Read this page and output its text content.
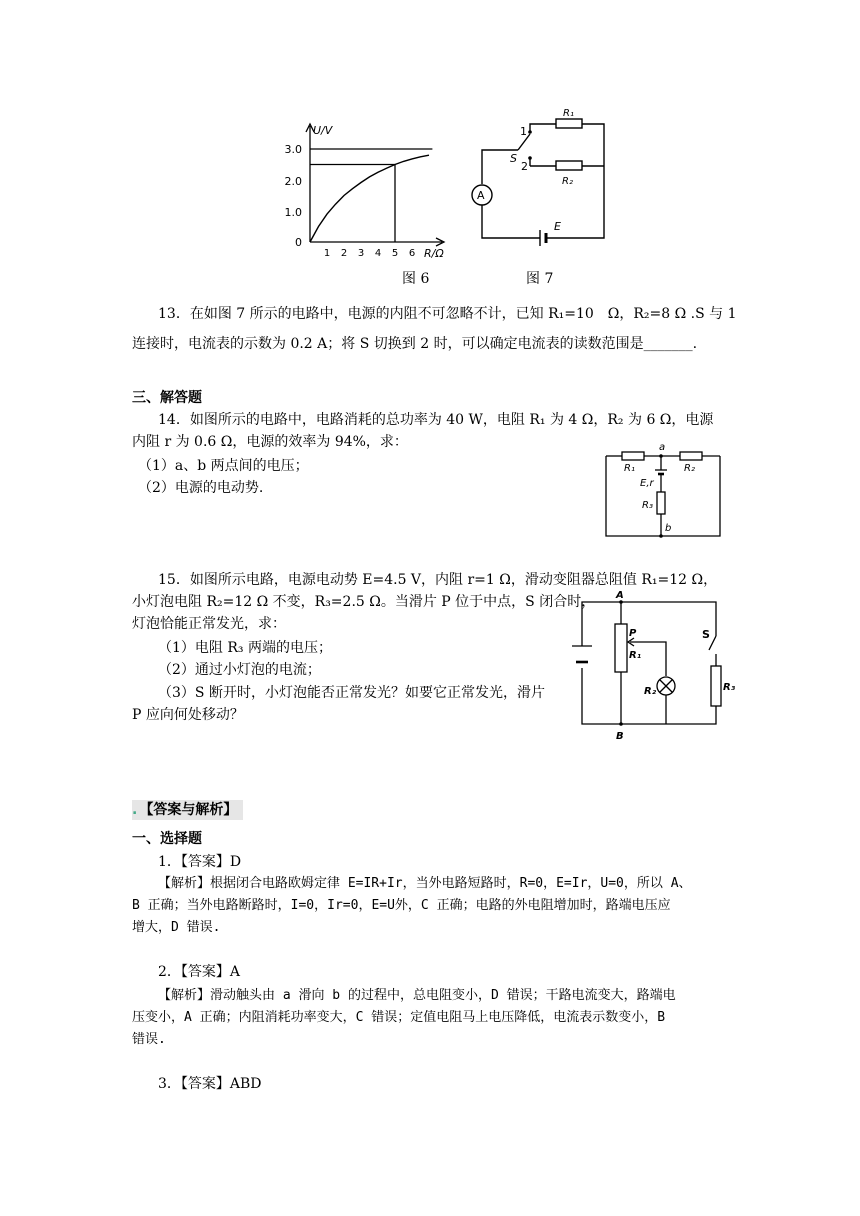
U/V
R/Ω
3.0
2.0
1.0
0
1 2 3 4 5 6
图 6
R₁
R₂
S
1
2
A
E
图 7
13．在如图 7 所示的电路中，电源的内阻不可忽略不计，已知 R₁=10　Ω，R₂=8 Ω .S 与 1
连接时，电流表的示数为 0.2 A；将 S 切换到 2 时，可以确定电流表的读数范围是_______.
三、解答题
14．如图所示的电路中，电路消耗的总功率为 40 W，电阻 R₁ 为 4 Ω，R₂ 为 6 Ω，电源
内阻 r 为 0.6 Ω，电源的效率为 94%，求：
（1）a、b 两点间的电压；
（2）电源的电动势.
a
b
R₁	R₂
E,r
R₃
15．如图所示电路，电源电动势 E=4.5 V，内阻 r=1 Ω，滑动变阻器总阻值 R₁=12 Ω，
小灯泡电阻 R₂=12 Ω 不变，R₃=2.5 Ω。当滑片 P 位于中点，S 闭合时，
灯泡恰能正常发光，求：
（1）电阻 R₃ 两端的电压；
（2）通过小灯泡的电流；
（3）S 断开时，小灯泡能否正常发光？如要它正常发光，滑片
P 应向何处移动？
A
B
P
R₁
R₂	R₃
S
. 【答案与解析】
一、选择题
1．【答案】D
【解析】根据闭合电路欧姆定律 E=IR+Ir，当外电路短路时，R=0，E=Ir，U=0，所以 A、
B 正确；当外电路断路时，I=0，Ir=0，E=U外，C 正确；电路的外电阻增加时，路端电压应
增大，D 错误.
2．【答案】A
【解析】滑动触头由 a 滑向 b 的过程中，总电阻变小，D 错误；干路电流变大，路端电
压变小，A 正确；内阻消耗功率变大，C 错误；定值电阻马上电压降低，电流表示数变小，B
错误.
3．【答案】ABD
